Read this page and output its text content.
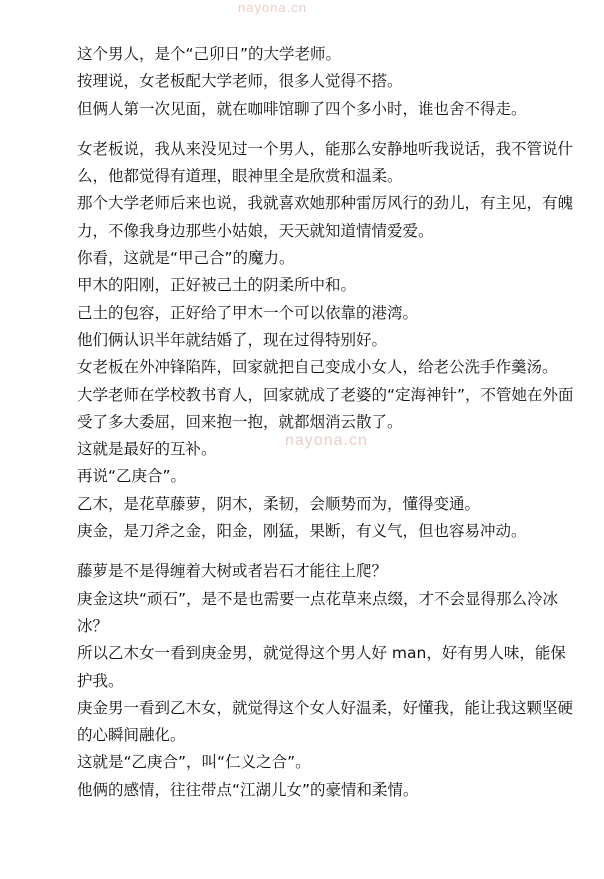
nayona.cn
nayona.cn

这个男人，是个“己卯日”的大学老师。

按理说，女老板配大学老师，很多人觉得不搭。

但俩人第一次见面，就在咖啡馆聊了四个多小时，谁也舍不得走。

女老板说，我从来没见过一个男人，能那么安静地听我说话，我不管说什么，他都觉得有道理，眼神里全是欣赏和温柔。

那个大学老师后来也说，我就喜欢她那种雷厉风行的劲儿，有主见，有魄力，不像我身边那些小姑娘，天天就知道情情爱爱。

你看，这就是“甲己合”的魔力。

甲木的阳刚，正好被己土的阴柔所中和。

己土的包容，正好给了甲木一个可以依靠的港湾。

他们俩认识半年就结婚了，现在过得特别好。

女老板在外冲锋陷阵，回家就把自己变成小女人，给老公洗手作羹汤。

大学老师在学校教书育人，回家就成了老婆的“定海神针”，不管她在外面受了多大委屈，回来抱一抱，就都烟消云散了。

这就是最好的互补。

再说“乙庚合”。

乙木，是花草藤萝，阴木，柔韧，会顺势而为，懂得变通。

庚金，是刀斧之金，阳金，刚猛，果断，有义气，但也容易冲动。

藤萝是不是得缠着大树或者岩石才能往上爬？

庚金这块“顽石”，是不是也需要一点花草来点缀，才不会显得那么冷冰冰？

所以乙木女一看到庚金男，就觉得这个男人好 man，好有男人味，能保护我。

庚金男一看到乙木女，就觉得这个女人好温柔，好懂我，能让我这颗坚硬的心瞬间融化。

这就是“乙庚合”，叫“仁义之合”。

他俩的感情，往往带点“江湖儿女”的豪情和柔情。
